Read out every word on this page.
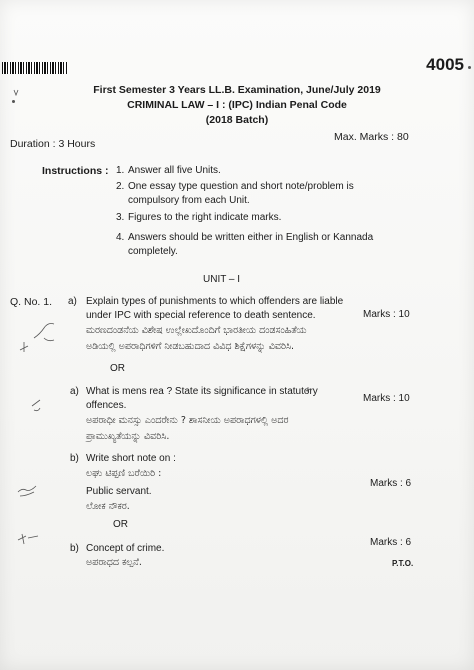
4005
First Semester 3 Years LL.B. Examination, June/July 2019
CRIMINAL LAW – I : (IPC) Indian Penal Code
(2018 Batch)
Duration : 3 Hours
Max. Marks : 80
Instructions : 1. Answer all five Units.
2. One essay type question and short note/problem is
compulsory from each Unit.
3. Figures to the right indicate marks.
4. Answers should be written either in English or Kannada
completely.
UNIT – I
Q. No. 1. a) Explain types of punishments to which offenders are liable
under IPC with special reference to death sentence.	Marks : 10
ಮರಣದಂಡನೆಯ ವಿಶೇಷ ಉಲ್ಲೇಖದೊಂದಿಗೆ ಭಾರತೀಯ ದಂಡಸಂಹಿತೆಯ
ಅಡಿಯಲ್ಲಿ ಅಪರಾಧಿಗಳಿಗೆ ನೀಡಬಹುದಾದ ವಿವಿಧ ಶಿಕ್ಷೆಗಳನ್ನು ವಿವರಿಸಿ.
OR
a) What is mens rea ? State its significance in statutory
offences.
Marks : 10
ಅಪರಾಧೀ ಮನಸ್ಸು ಎಂದರೇನು ? ಶಾಸನೀಯ ಅಪರಾಧಗಳಲ್ಲಿ ಅದರ
ಪ್ರಾಮುಖ್ಯತೆಯನ್ನು ವಿವರಿಸಿ.
b) Write short note on :
ಲಘು ಟಿಪ್ಪಣಿ ಬರೆಯಿರಿ :
Public servant.
Marks : 6
ಲೋಕ ನೌಕರ.
OR
b) Concept of crime.
Marks : 6
ಅಪರಾಧದ ಕಲ್ಪನೆ.	P.T.O.
